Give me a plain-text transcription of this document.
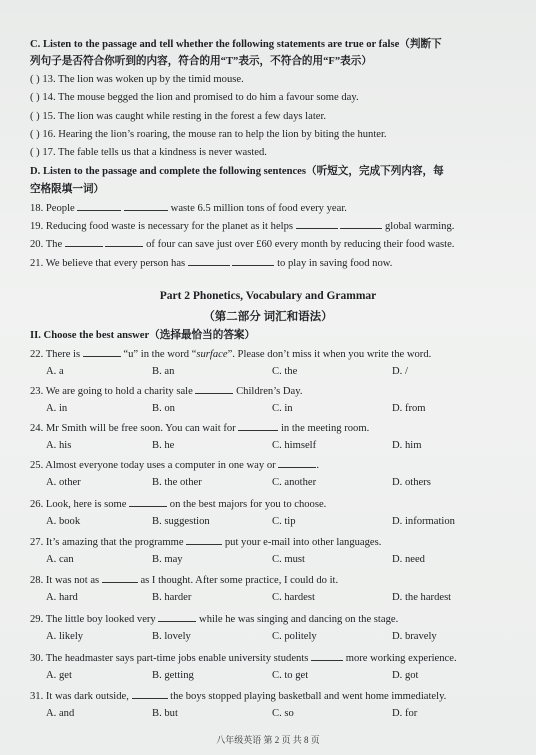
C. Listen to the passage and tell whether the following statements are true or false（判断下
列句子是否符合你听到的内容，符合的用“T”表示，不符合的用“F”表示）
( ) 13. The lion was woken up by the timid mouse.
( ) 14. The mouse begged the lion and promised to do him a favour some day.
( ) 15. The lion was caught while resting in the forest a few days later.
( ) 16. Hearing the lion’s roaring, the mouse ran to help the lion by biting the hunter.
( ) 17. The fable tells us that a kindness is never wasted.
D. Listen to the passage and complete the following sentences（听短文，完成下列内容，每
空格限填一词）
18. People	waste 6.5 million tons of food every year.
19. Reducing food waste is necessary for the planet as it helps	global warming.
20. The	of four can save just over £60 every month by reducing their food waste.
21. We believe that every person has	to play in saving food now.
Part 2 Phonetics, Vocabulary and Grammar
（第二部分 词汇和语法）
II. Choose the best answer（选择最恰当的答案）
22. There is	“u” in the word “surface”. Please don’t miss it when you write the word.
A. a	B. an	C. the	D. /
23. We are going to hold a charity sale	Children’s Day.
A. in	B. on	C. in	D. from
24. Mr Smith will be free soon. You can wait for	in the meeting room.
A. his	B. he	C. himself	D. him
25. Almost everyone today uses a computer in one way or	.
A. other	B. the other	C. another	D. others
26. Look, here is some	on the best majors for you to choose.
A. book	B. suggestion	C. tip	D. information
27. It’s amazing that the programme	put your e-mail into other languages.
A. can	B. may	C. must	D. need
28. It was not as	as I thought. After some practice, I could do it.
A. hard	B. harder	C. hardest	D. the hardest
29. The little boy looked very	while he was singing and dancing on the stage.
A. likely	B. lovely	C. politely	D. bravely
30. The headmaster says part-time jobs enable university students	more working experience.
A. get	B. getting	C. to get	D. got
31. It was dark outside,	the boys stopped playing basketball and went home immediately.
A. and	B. but	C. so	D. for
八年级英语 第 2 页 共 8 页
